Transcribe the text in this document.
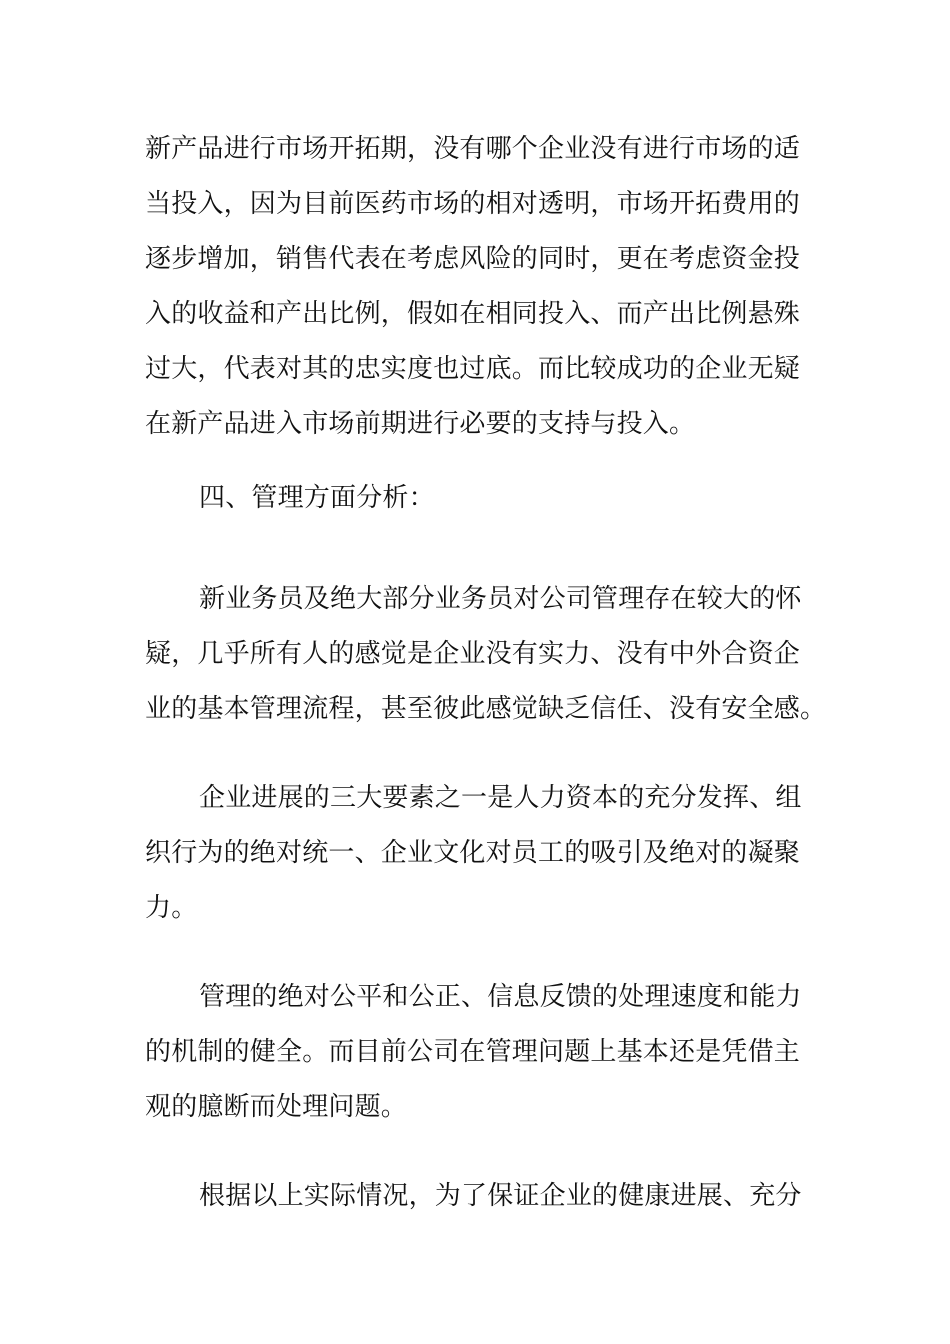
新产品进行市场开拓期，没有哪个企业没有进行市场的适
当投入，因为目前医药市场的相对透明，市场开拓费用的
逐步增加，销售代表在考虑风险的同时，更在考虑资金投
入的收益和产出比例，假如在相同投入、而产出比例悬殊
过大，代表对其的忠实度也过底。而比较成功的企业无疑
在新产品进入市场前期进行必要的支持与投入。
四、管理方面分析：
新业务员及绝大部分业务员对公司管理存在较大的怀
疑，几乎所有人的感觉是企业没有实力、没有中外合资企
业的基本管理流程，甚至彼此感觉缺乏信任、没有安全感。
企业进展的三大要素之一是人力资本的充分发挥、组
织行为的绝对统一、企业文化对员工的吸引及绝对的凝聚
力。
管理的绝对公平和公正、信息反馈的处理速度和能力
的机制的健全。而目前公司在管理问题上基本还是凭借主
观的臆断而处理问题。
根据以上实际情况，为了保证企业的健康进展、充分
